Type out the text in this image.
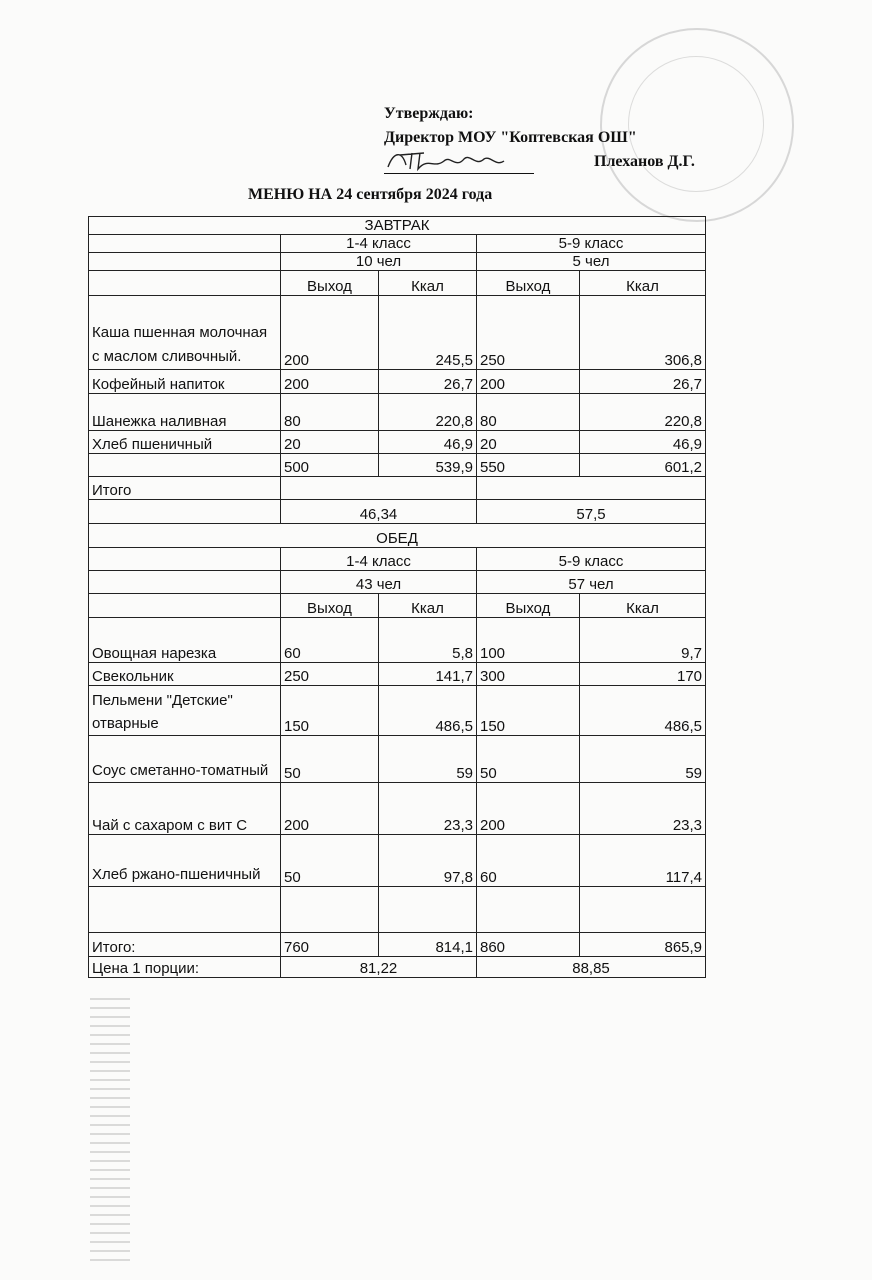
Утверждаю:
Директор МОУ "Коптевская ОШ"
Плеханов Д.Г.
МЕНЮ НА 24 сентября 2024 года
ЗАВТРАК				
	1-4 класс		5-9 класс	
	10 чел		5 чел	
	Выход	Ккал	Выход	Ккал
Каша пшенная молочная с маслом сливочный.	200	245,5	250	306,8
Кофейный напиток	200	26,7	200	26,7
Шанежка наливная	80	220,8	80	220,8
Хлеб пшеничный	20	46,9	20	46,9
	500	539,9	550	601,2
Итого				
	46,34		57,5	
ОБЕД				
	1-4 класс		5-9 класс	
	43 чел		57 чел	
	Выход	Ккал	Выход	Ккал
Овощная нарезка	60	5,8	100	9,7
Свекольник	250	141,7	300	170
Пельмени "Детские" отварные	150	486,5	150	486,5
Соус сметанно-томатный	50	59	50	59
Чай с сахаром с вит С	200	23,3	200	23,3
Хлеб ржано-пшеничный	50	97,8	60	117,4

Итого:	760	814,1	860	865,9
Цена 1 порции:	81,22		88,85	
